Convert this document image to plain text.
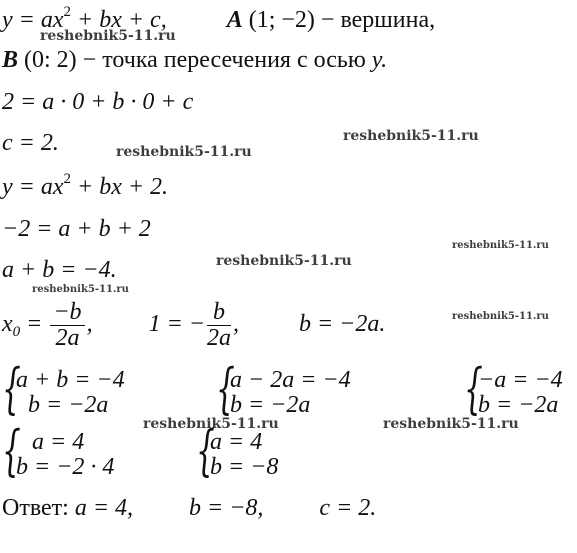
$y = ax^2$ + bx + c,	A (1; −2) − вершина,
B (0: 2) − точка пересечения с осью y.
2 = a · 0 + b · 0 + c
c = 2.
$y = ax^2$ + bx + 2.
−2 = a + b + 2
a + b = −4.
$x_0 = \frac{-b}{2a}$ , 1 = − $\frac{b}{2a}$ ,	b = −2a.
{
a + b = −4
b = −2a	{
a − 2a = −4
b = −2a	{
−a = −4
b = −2a
{ a = 4
b = −2 · 4 {
a = 4
b = −8
Ответ: a = 4, b = −8, c = 2.
reshebnik5-11.ru
reshebnik5-11.ru
reshebnik5-11.ru
reshebnik5-11.ru
reshebnik5-11.ru
reshebnik5-11.ru
reshebnik5-11.ru
reshebnik5-11.ru	reshebnik5-11.ru
